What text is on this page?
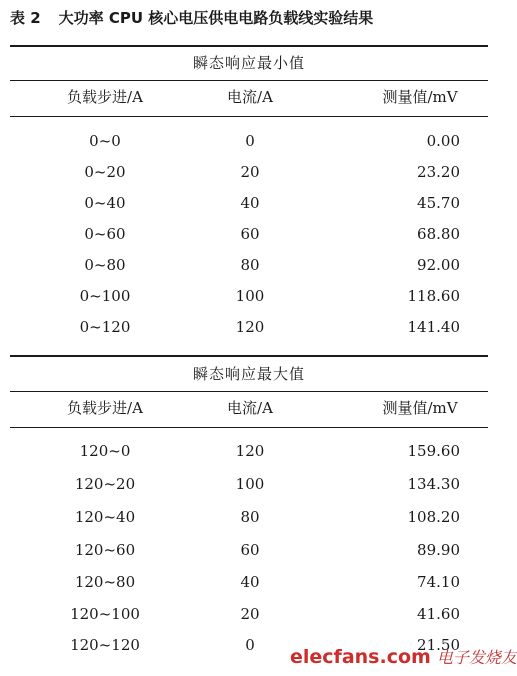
表 2 大功率 CPU 核心电压供电电路负载线实验结果
瞬态响应最小值
负载步进/A	电流/A	测量值/mV
0~0	0	0.00
0~20	20	23.20
0~40	40	45.70
0~60	60	68.80
0~80	80	92.00
0~100	100	118.60
0~120	120	141.40
瞬态响应最大值
负载步进/A	电流/A	测量值/mV
120~0	120	159.60
120~20	100	134.30
120~40	80	108.20
120~60	60	89.90
120~80	40	74.10
120~100	20	41.60
120~120	0	21.50
elecfans.com 电子发烧友
